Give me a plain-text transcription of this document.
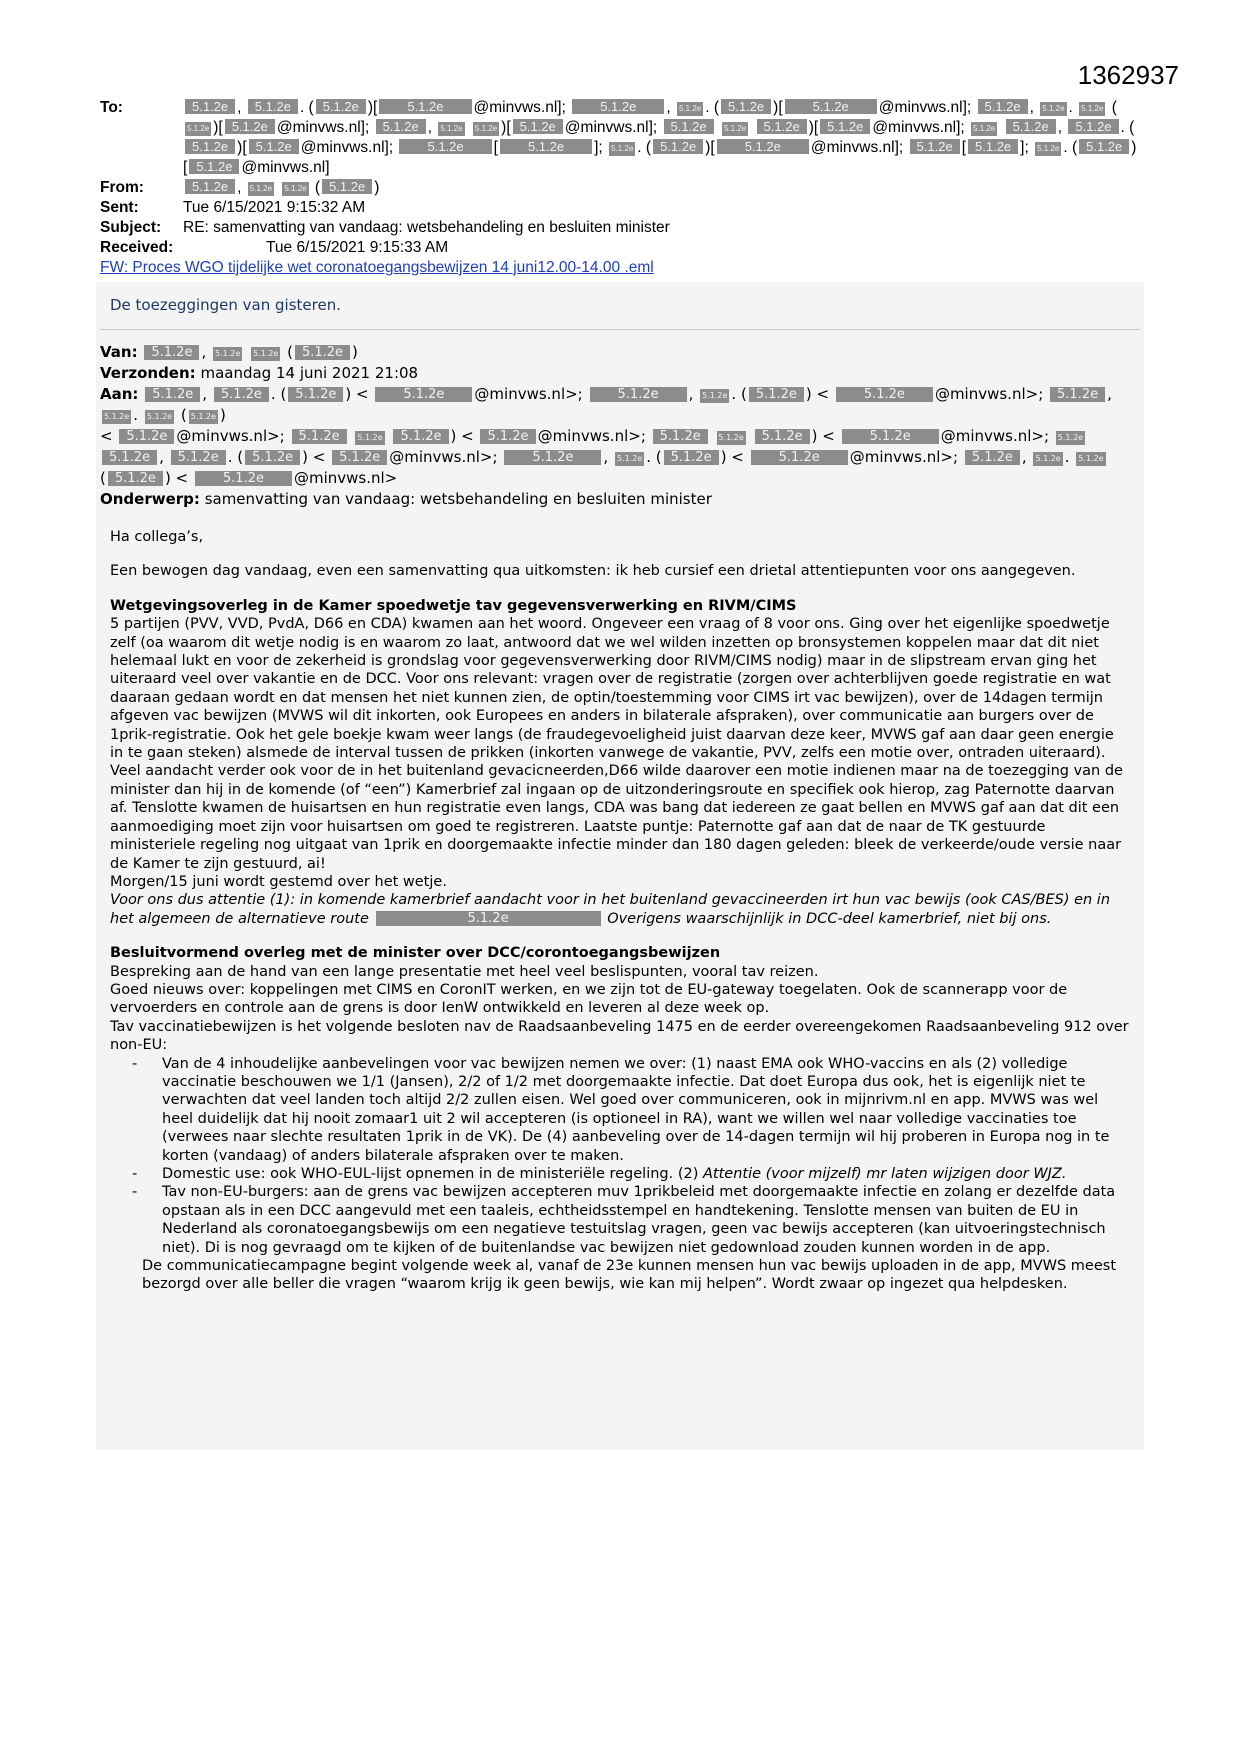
1362937
To:	5.1.2e , 5.1.2e . ( 5.1.2e )[ 5.1.2e @minvws.nl];	5.1.2e , 5.1.2e . ( 5.1.2e )[ 5.1.2e @minvws.nl]; 5.1.2e , 5.1.2e . 5.1.2e (5.1.2e )[ 5.1.2e @minvws.nl]; 5.1.2e , 5.1.2e 5.1.2e )[ 5.1.2e @minvws.nl]; 5.1.2e 5.1.2e 5.1.2e )[ 5.1.2e @minvws.nl]; 5.1.2e 5.1.2e , 5.1.2e . (5.1.2e )[ 5.1.2e @minvws.nl];	5.1.2e [ 5.1.2e ]; 5.1.2e . ( 5.1.2e )[ 5.1.2e @minvws.nl]; 5.1.2e [ 5.1.2e ]; 5.1.2e . ( 5.1.2e )[ 5.1.2e @minvws.nl]
From:	5.1.2e , 5.1.2e 5.1.2e ( 5.1.2e )
Sent:	Tue 6/15/2021 9:15:32 AM
Subject:	RE: samenvatting van vandaag: wetsbehandeling en besluiten minister
Received:	Tue 6/15/2021 9:15:33 AM
FW: Proces WGO tijdelijke wet coronatoegangsbewijzen 14 juni12.00-14.00 .eml
De toezeggingen van gisteren.
Van: 5.1.2e , 5.1.2e 5.1.2e ( 5.1.2e )
Verzonden: maandag 14 juni 2021 21:08
Aan: 5.1.2e , 5.1.2e . ( 5.1.2e ) < 5.1.2e @minvws.nl>;	5.1.2e , 5.1.2e . ( 5.1.2e ) < 5.1.2e @minvws.nl>; 5.1.2e , 5.1.2e . 5.1.2e ( 5.1.2e )
< 5.1.2e @minvws.nl>; 5.1.2e 5.1.2e 5.1.2e ) < 5.1.2e @minvws.nl>; 5.1.2e 5.1.2e 5.1.2e ) < 5.1.2e @minvws.nl>; 5.1.2e
5.1.2e , 5.1.2e . ( 5.1.2e ) < 5.1.2e @minvws.nl>;	5.1.2e , 5.1.2e . ( 5.1.2e ) < 5.1.2e @minvws.nl>; 5.1.2e , 5.1.2e . 5.1.2e
( 5.1.2e ) < 5.1.2e @minvws.nl>
Onderwerp: samenvatting van vandaag: wetsbehandeling en besluiten minister

Ha collega’s,

Een bewogen dag vandaag, even een samenvatting qua uitkomsten: ik heb cursief een drietal attentiepunten voor ons aangegeven.

Wetgevingsoverleg in de Kamer spoedwetje tav gegevensverwerking en RIVM/CIMS
5 partijen (PVV, VVD, PvdA, D66 en CDA) kwamen aan het woord. Ongeveer een vraag of 8 voor ons. Ging over het eigenlijke spoedwetje zelf (oa waarom dit wetje nodig is en waarom zo laat, antwoord dat we wel wilden inzetten op bronsystemen koppelen maar dat dit niet helemaal lukt en voor de zekerheid is grondslag voor gegevensverwerking door RIVM/CIMS nodig) maar in de slipstream ervan ging het uiteraard veel over vakantie en de DCC. Voor ons relevant: vragen over de registratie (zorgen over achterblijven goede registratie en wat daaraan gedaan wordt en dat mensen het niet kunnen zien, de optin/toestemming voor CIMS irt vac bewijzen), over de 14dagen termijn afgeven vac bewijzen (MVWS wil dit inkorten, ook Europees en anders in bilaterale afspraken), over communicatie aan burgers over de 1prik-registratie. Ook het gele boekje kwam weer langs (de fraudegevoeligheid juist daarvan deze keer, MVWS gaf aan daar geen energie in te gaan steken) alsmede de interval tussen de prikken (inkorten vanwege de vakantie, PVV, zelfs een motie over, ontraden uiteraard).
Veel aandacht verder ook voor de in het buitenland gevacicneerden,D66 wilde daarover een motie indienen maar na de toezegging van de minister dan hij in de komende (of “een”) Kamerbrief zal ingaan op de uitzonderingsroute en specifiek ook hierop, zag Paternotte daarvan af. Tenslotte kwamen de huisartsen en hun registratie even langs, CDA was bang dat iedereen ze gaat bellen en MVWS gaf aan dat dit een aanmoediging moet zijn voor huisartsen om goed te registreren. Laatste puntje: Paternotte gaf aan dat de naar de TK gestuurde ministeriele regeling nog uitgaat van 1prik en doorgemaakte infectie minder dan 180 dagen geleden: bleek de verkeerde/oude versie naar de Kamer te zijn gestuurd, ai!
Morgen/15 juni wordt gestemd over het wetje.
Voor ons dus attentie (1): in komende kamerbrief aandacht voor in het buitenland gevaccineerden irt hun vac bewijs (ook CAS/BES) en in het algemeen de alternatieve route	5.1.2e	Overigens waarschijnlijk in DCC-deel kamerbrief, niet bij ons.
Besluitvormend overleg met de minister over DCC/corontoegangsbewijzen
Bespreking aan de hand van een lange presentatie met heel veel beslispunten, vooral tav reizen.
Goed nieuws over: koppelingen met CIMS en CoronIT werken, en we zijn tot de EU-gateway toegelaten. Ook de scannerapp voor de vervoerders en controle aan de grens is door IenW ontwikkeld en leveren al deze week op.
Tav vaccinatiebewijzen is het volgende besloten nav de Raadsaanbeveling 1475 en de eerder overeengekomen Raadsaanbeveling 912 over non-EU:
- Van de 4 inhoudelijke aanbevelingen voor vac bewijzen nemen we over: (1) naast EMA ook WHO-vaccins en als (2) volledige vaccinatie beschouwen we 1/1 (Jansen), 2/2 of 1/2 met doorgemaakte infectie. Dat doet Europa dus ook, het is eigenlijk niet te verwachten dat veel landen toch altijd 2/2 zullen eisen. Wel goed over communiceren, ook in mijnrivm.nl en app. MVWS was wel heel duidelijk dat hij nooit zomaar1 uit 2 wil accepteren (is optioneel in RA), want we willen wel naar volledige vaccinaties toe (verwees naar slechte resultaten 1prik in de VK). De (4) aanbeveling over de 14-dagen termijn wil hij proberen in Europa nog in te korten (vandaag) of anders bilaterale afspraken over te maken.
- Domestic use: ook WHO-EUL-lijst opnemen in de ministeriële regeling. (2) Attentie (voor mijzelf) mr laten wijzigen door WJZ.
- Tav non-EU-burgers: aan de grens vac bewijzen accepteren muv 1prikbeleid met doorgemaakte infectie en zolang er dezelfde data opstaan als in een DCC aangevuld met een taaleis, echtheidsstempel en handtekening. Tenslotte mensen van buiten de EU in Nederland als coronatoegangsbewijs om een negatieve testuitslag vragen, geen vac bewijs accepteren (kan uitvoeringstechnisch niet). Di is nog gevraagd om te kijken of de buitenlandse vac bewijzen niet gedownload zouden kunnen worden in de app.
De communicatiecampagne begint volgende week al, vanaf de 23e kunnen mensen hun vac bewijs uploaden in de app, MVWS meest bezorgd over alle beller die vragen “waarom krijg ik geen bewijs, wie kan mij helpen”. Wordt zwaar op ingezet qua helpdesken.
